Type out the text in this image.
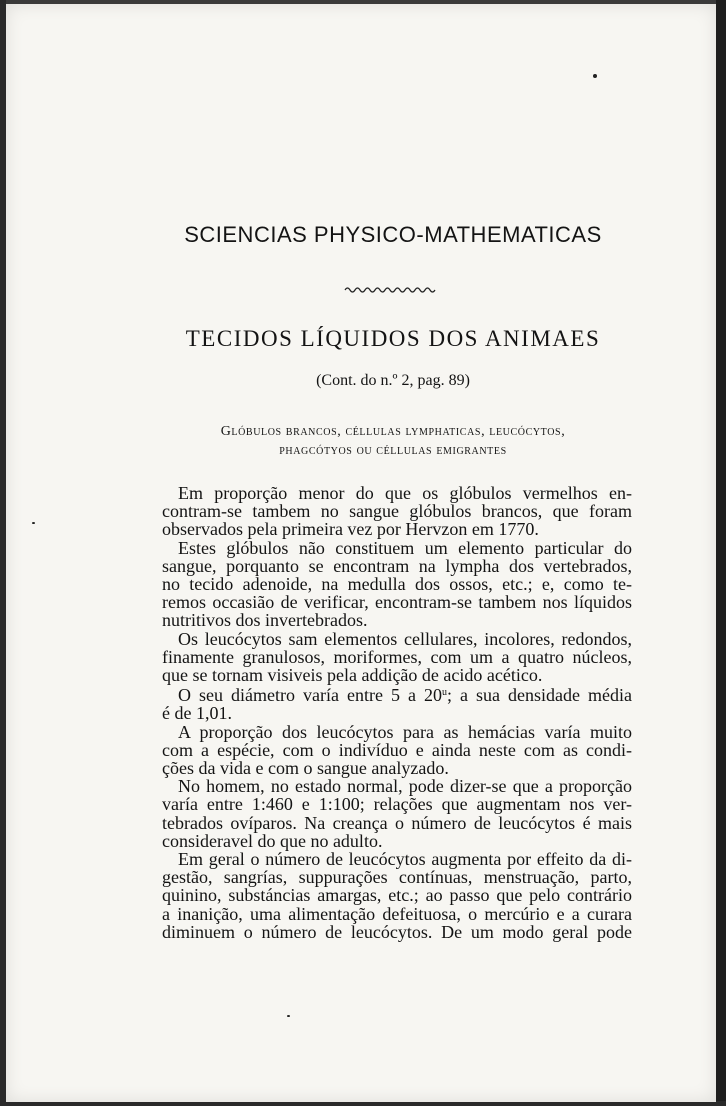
SCIENCIAS PHYSICO-MATHEMATICAS
TECIDOS LÍQUIDOS DOS ANIMAES
(Cont. do n.º 2, pag. 89)
Glóbulos brancos, céllulas lymphaticas, leucócytos,
phagcótyos ou céllulas emigrantes
Em proporção menor do que os glóbulos vermelhos en-
contram-se tambem no sangue glóbulos brancos, que foram
observados pela primeira vez por Hervzon em 1770.
Estes glóbulos não constituem um elemento particular do
sangue, porquanto se encontram na lympha dos vertebrados,
no tecido adenoide, na medulla dos ossos, etc.; e, como te-
remos occasião de verificar, encontram-se tambem nos líquidos
nutritivos dos invertebrados.
Os leucócytos sam elementos cellulares, incolores, redondos,
finamente granulosos, moriformes, com um a quatro núcleos,
que se tornam visiveis pela addição de acido acético.
O seu diámetro varía entre 5 a 20$^u$; a sua densidade média
é de 1,01.
A proporção dos leucócytos para as hemácias varía muito
com a espécie, com o indivíduo e ainda neste com as condi-
ções da vida e com o sangue analyzado.
No homem, no estado normal, pode dizer-se que a proporção
varía entre 1:460 e 1:100; relações que augmentam nos ver-
tebrados ovíparos. Na creança o número de leucócytos é mais
consideravel do que no adulto.
Em geral o número de leucócytos augmenta por effeito da di-
gestão, sangrías, suppurações contínuas, menstruação, parto,
quinino, substáncias amargas, etc.; ao passo que pelo contrário
a inanição, uma alimentação defeituosa, o mercúrio e a curara
diminuem o número de leucócytos. De um modo geral pode
